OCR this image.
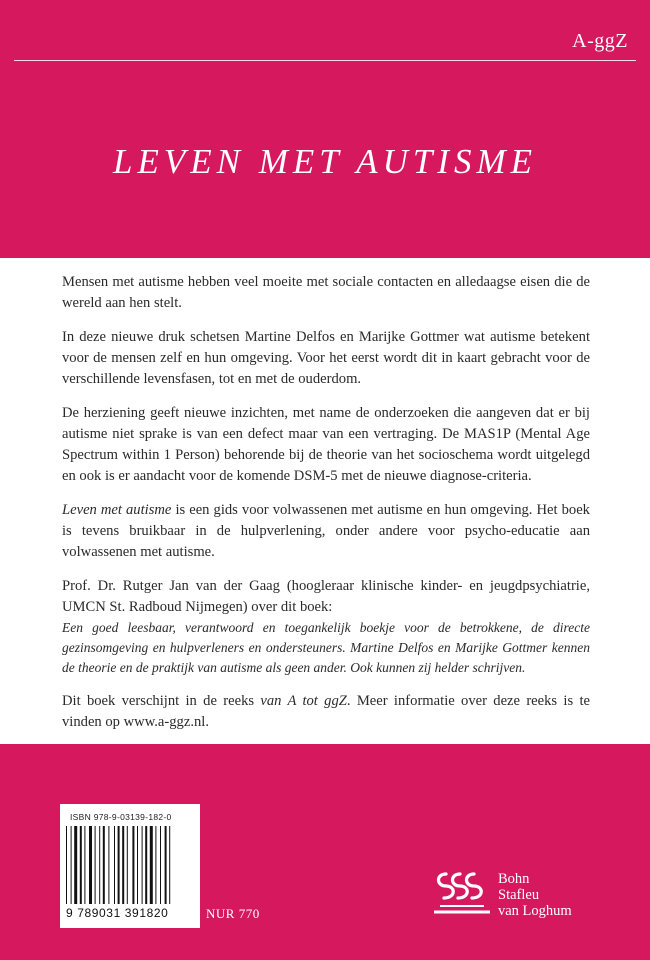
A-ggZ
LEVEN MET AUTISME

Mensen met autisme hebben veel moeite met sociale contacten en alledaagse eisen die de wereld aan hen stelt.

In deze nieuwe druk schetsen Martine Delfos en Marijke Gottmer wat autisme betekent voor de mensen zelf en hun omgeving. Voor het eerst wordt dit in kaart gebracht voor de verschillende levensfasen, tot en met de ouderdom.

De herziening geeft nieuwe inzichten, met name de onderzoeken die aangeven dat er bij autisme niet sprake is van een defect maar van een vertraging. De MAS1P (Mental Age Spectrum within 1 Person) behorende bij de theorie van het socioschema wordt uitgelegd en ook is er aandacht voor de komende DSM-5 met de nieuwe diagnose-criteria.

Leven met autisme is een gids voor volwassenen met autisme en hun omgeving. Het boek is tevens bruikbaar in de hulpverlening, onder andere voor psycho-educatie aan volwassenen met autisme.

Prof. Dr. Rutger Jan van der Gaag (hoogleraar klinische kinder- en jeugdpsychiatrie, UMCN St. Radboud Nijmegen) over dit boek:

Een goed leesbaar, verantwoord en toegankelijk boekje voor de betrokkene, de directe gezinsomgeving en hulpverleners en ondersteuners. Martine Delfos en Marijke Gottmer kennen de theorie en de praktijk van autisme als geen ander. Ook kunnen zij helder schrijven.

Dit boek verschijnt in de reeks van A tot ggZ. Meer informatie over deze reeks is te vinden op www.a-ggz.nl.

ISBN 978-9-03139-182-0
9 789031 391820	NUR 770
Bohn
Stafleu
van Loghum
